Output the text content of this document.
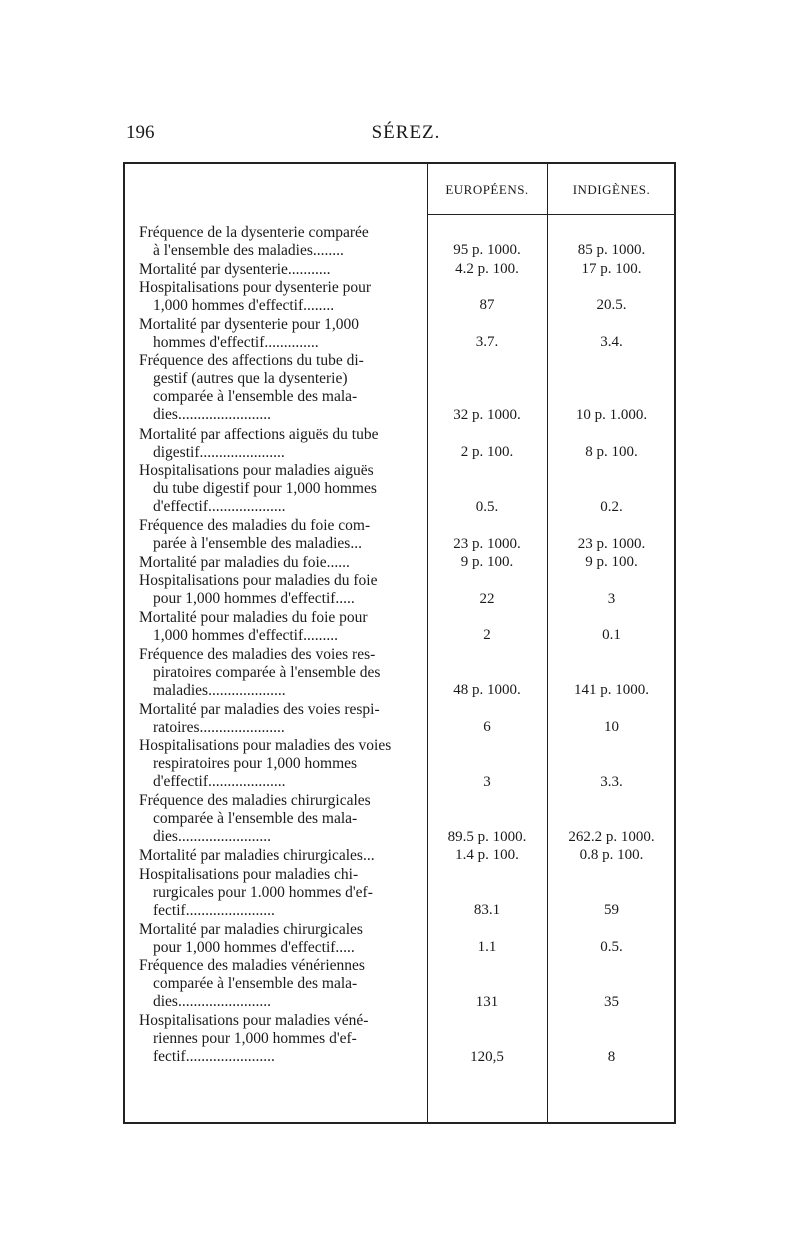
196	SÉREZ.
EUROPÉENS.	INDIGÈNES.
Fréquence de la dysenterie comparée
à l'ensemble des maladies........	95 p. 1000.	85 p. 1000.
Mortalité par dysenterie...........	4.2 p. 100.	17 p. 100.
Hospitalisations pour dysenterie pour
1,000 hommes d'effectif........	87	20.5.
Mortalité par dysenterie pour 1,000
hommes d'effectif..............	3.7.	3.4.
Fréquence des affections du tube di-
gestif (autres que la dysenterie)
comparée à l'ensemble des mala-
dies........................	32 p. 1000.	10 p. 1.000.
Mortalité par affections aiguës du tube
digestif......................	2 p. 100.	8 p. 100.
Hospitalisations pour maladies aiguës
du tube digestif pour 1,000 hommes
d'effectif....................	0.5.	0.2.
Fréquence des maladies du foie com-
parée à l'ensemble des maladies...	23 p. 1000.	23 p. 1000.
Mortalité par maladies du foie......	9 p. 100.	9 p. 100.
Hospitalisations pour maladies du foie
pour 1,000 hommes d'effectif.....	22	3
Mortalité pour maladies du foie pour
1,000 hommes d'effectif.........	2	0.1
Fréquence des maladies des voies res-
piratoires comparée à l'ensemble des
maladies....................	48 p. 1000.	141 p. 1000.
Mortalité par maladies des voies respi-
ratoires......................	6	10
Hospitalisations pour maladies des voies
respiratoires pour 1,000 hommes
d'effectif....................	3	3.3.
Fréquence des maladies chirurgicales
comparée à l'ensemble des mala-
dies........................	89.5 p. 1000.	262.2 p. 1000.
Mortalité par maladies chirurgicales...	1.4 p. 100.	0.8 p. 100.
Hospitalisations pour maladies chi-
rurgicales pour 1.000 hommes d'ef-
fectif.......................	83.1	59
Mortalité par maladies chirurgicales
pour 1,000 hommes d'effectif.....	1.1	0.5.
Fréquence des maladies vénériennes
comparée à l'ensemble des mala-
dies........................	131	35
Hospitalisations pour maladies véné-
riennes pour 1,000 hommes d'ef-
fectif.......................	120,5	8
